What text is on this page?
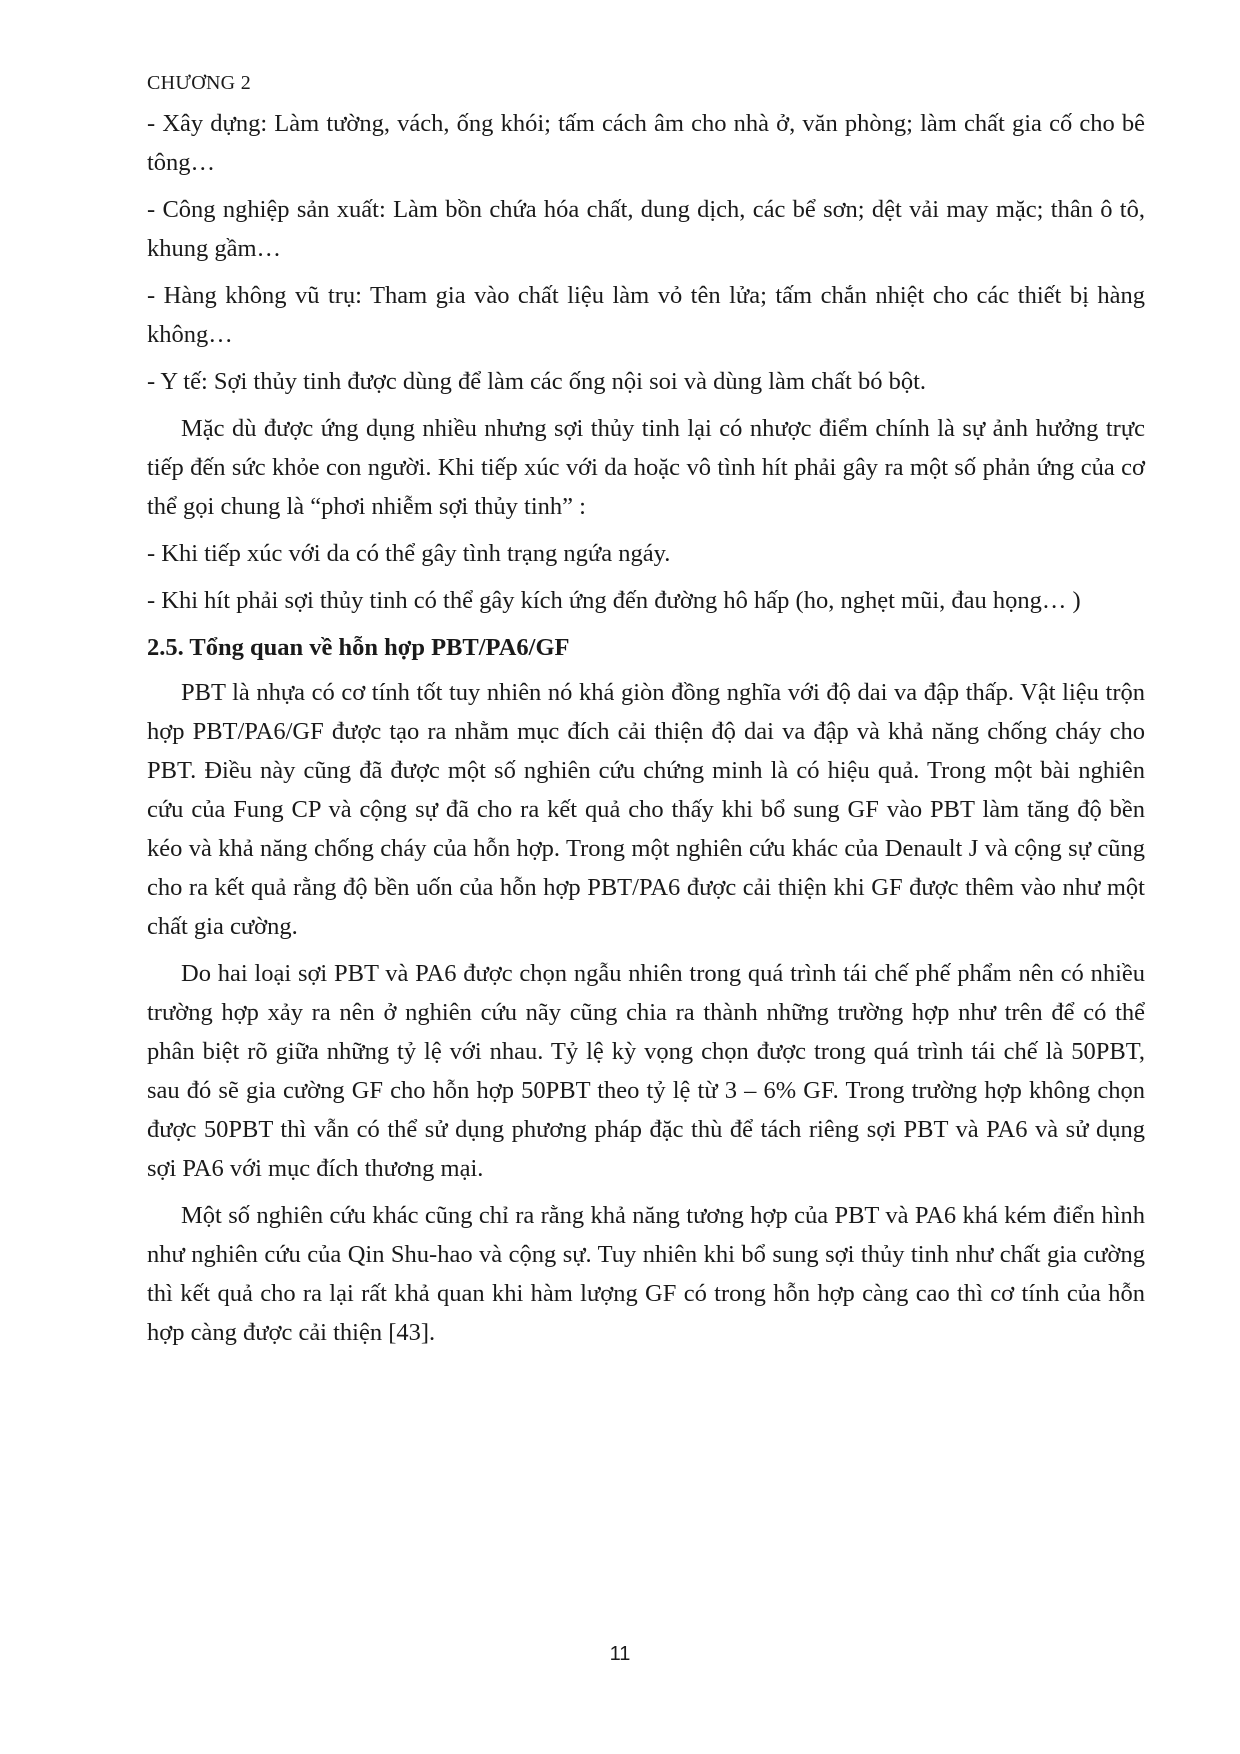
CHƯƠNG 2

- Xây dựng: Làm tường, vách, ống khói; tấm cách âm cho nhà ở, văn phòng; làm chất gia cố cho bê tông…

- Công nghiệp sản xuất: Làm bồn chứa hóa chất, dung dịch, các bể sơn; dệt vải may mặc; thân ô tô, khung gầm…

- Hàng không vũ trụ: Tham gia vào chất liệu làm vỏ tên lửa; tấm chắn nhiệt cho các thiết bị hàng không…

- Y tế: Sợi thủy tinh được dùng để làm các ống nội soi và dùng làm chất bó bột.

Mặc dù được ứng dụng nhiều nhưng sợi thủy tinh lại có nhược điểm chính là sự ảnh hưởng trực tiếp đến sức khỏe con người. Khi tiếp xúc với da hoặc vô tình hít phải gây ra một số phản ứng của cơ thể gọi chung là “phơi nhiễm sợi thủy tinh” :

- Khi tiếp xúc với da có thể gây tình trạng ngứa ngáy.

- Khi hít phải sợi thủy tinh có thể gây kích ứng đến đường hô hấp (ho, nghẹt mũi, đau họng… )

2.5. Tổng quan về hỗn hợp PBT/PA6/GF

PBT là nhựa có cơ tính tốt tuy nhiên nó khá giòn đồng nghĩa với độ dai va đập thấp. Vật liệu trộn hợp PBT/PA6/GF được tạo ra nhằm mục đích cải thiện độ dai va đập và khả năng chống cháy cho PBT. Điều này cũng đã được một số nghiên cứu chứng minh là có hiệu quả. Trong một bài nghiên cứu của Fung CP và cộng sự đã cho ra kết quả cho thấy khi bổ sung GF vào PBT làm tăng độ bền kéo và khả năng chống cháy của hỗn hợp. Trong một nghiên cứu khác của Denault J và cộng sự cũng cho ra kết quả rằng độ bền uốn của hỗn hợp PBT/PA6 được cải thiện khi GF được thêm vào như một chất gia cường.

Do hai loại sợi PBT và PA6 được chọn ngẫu nhiên trong quá trình tái chế phế phẩm nên có nhiều trường hợp xảy ra nên ở nghiên cứu nãy cũng chia ra thành những trường hợp như trên để có thể phân biệt rõ giữa những tỷ lệ với nhau. Tỷ lệ kỳ vọng chọn được trong quá trình tái chế là 50PBT, sau đó sẽ gia cường GF cho hỗn hợp 50PBT theo tỷ lệ từ 3 – 6% GF. Trong trường hợp không chọn được 50PBT thì vẫn có thể sử dụng phương pháp đặc thù để tách riêng sợi PBT và PA6 và sử dụng sợi PA6 với mục đích thương mại.

Một số nghiên cứu khác cũng chỉ ra rằng khả năng tương hợp của PBT và PA6 khá kém điển hình như nghiên cứu của Qin Shu-hao và cộng sự. Tuy nhiên khi bổ sung sợi thủy tinh như chất gia cường thì kết quả cho ra lại rất khả quan khi hàm lượng GF có trong hỗn hợp càng cao thì cơ tính của hỗn hợp càng được cải thiện [43].

11
